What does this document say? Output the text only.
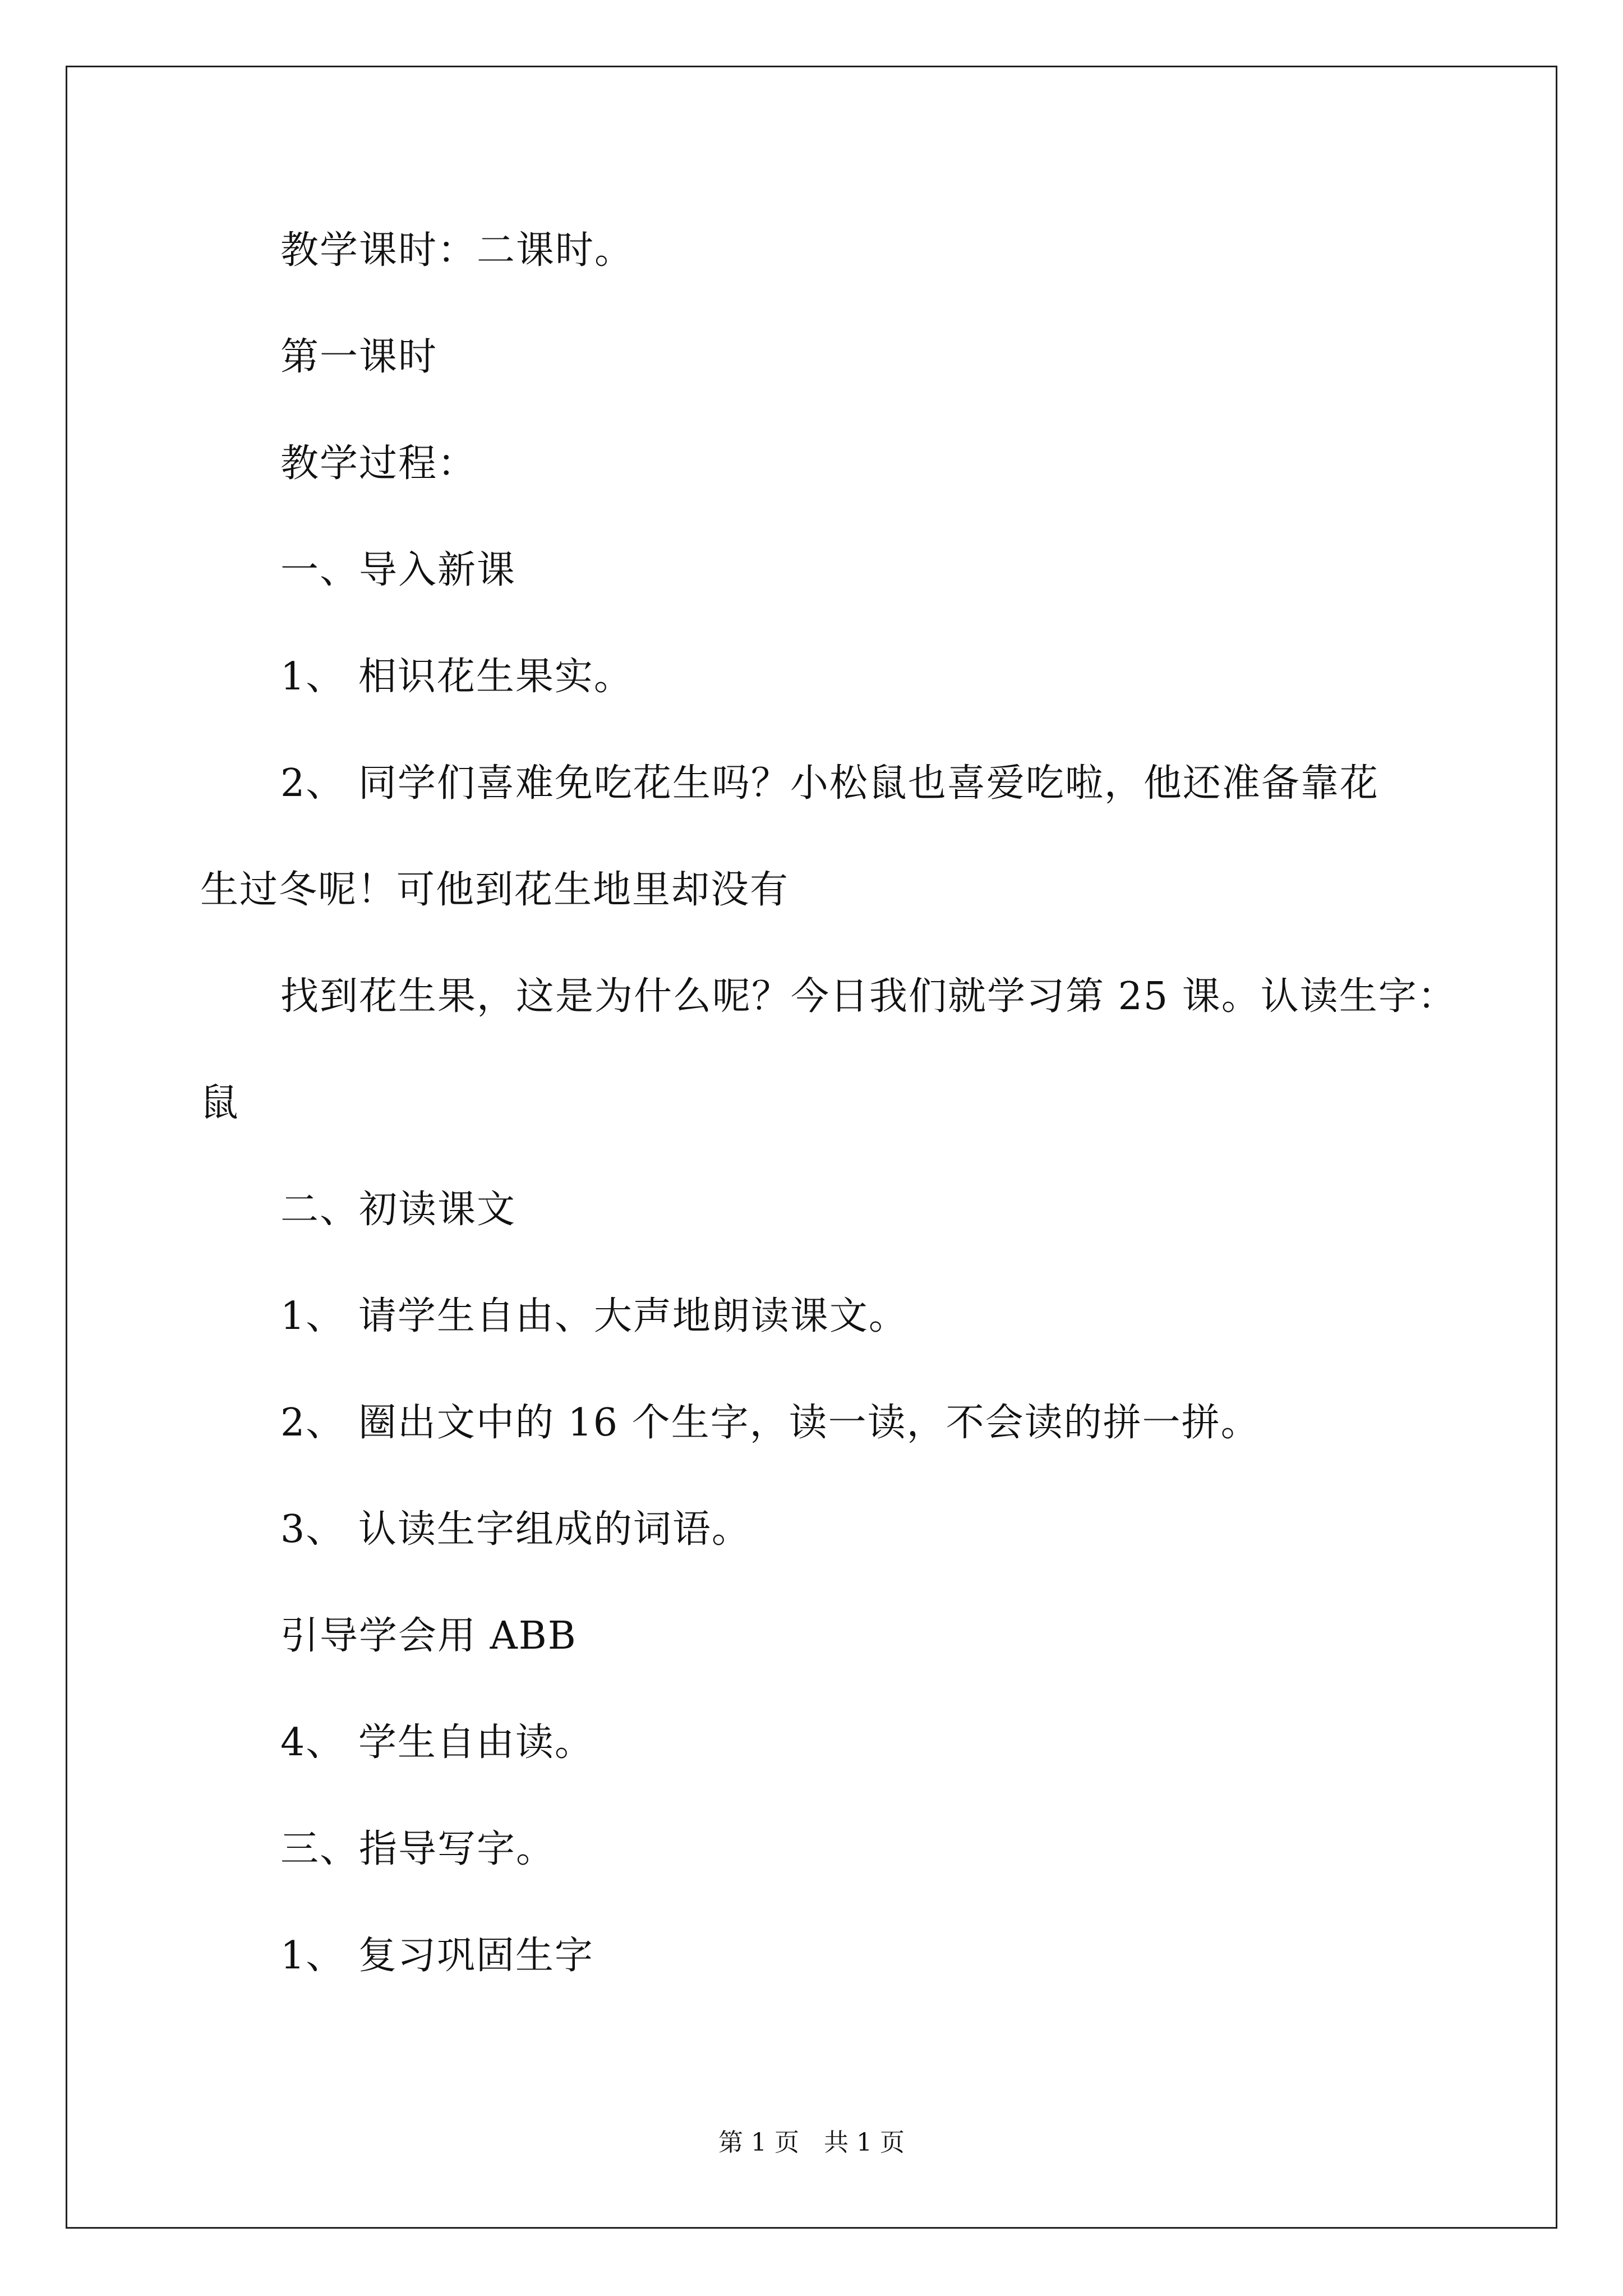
教学课时：二课时。
第一课时
教学过程：
一、导入新课
1、 相识花生果实。
2、 同学们喜难免吃花生吗？小松鼠也喜爱吃啦，他还准备靠花
生过冬呢！可他到花生地里却没有
找到花生果，这是为什么呢？今日我们就学习第 25 课。认读生字：
鼠
二、初读课文
1、 请学生自由、大声地朗读课文。
2、 圈出文中的 16 个生字，读一读，不会读的拼一拼。
3、 认读生字组成的词语。
引导学会用 ABB
4、 学生自由读。
三、指导写字。
1、 复习巩固生字
第 1 页　共 1 页
